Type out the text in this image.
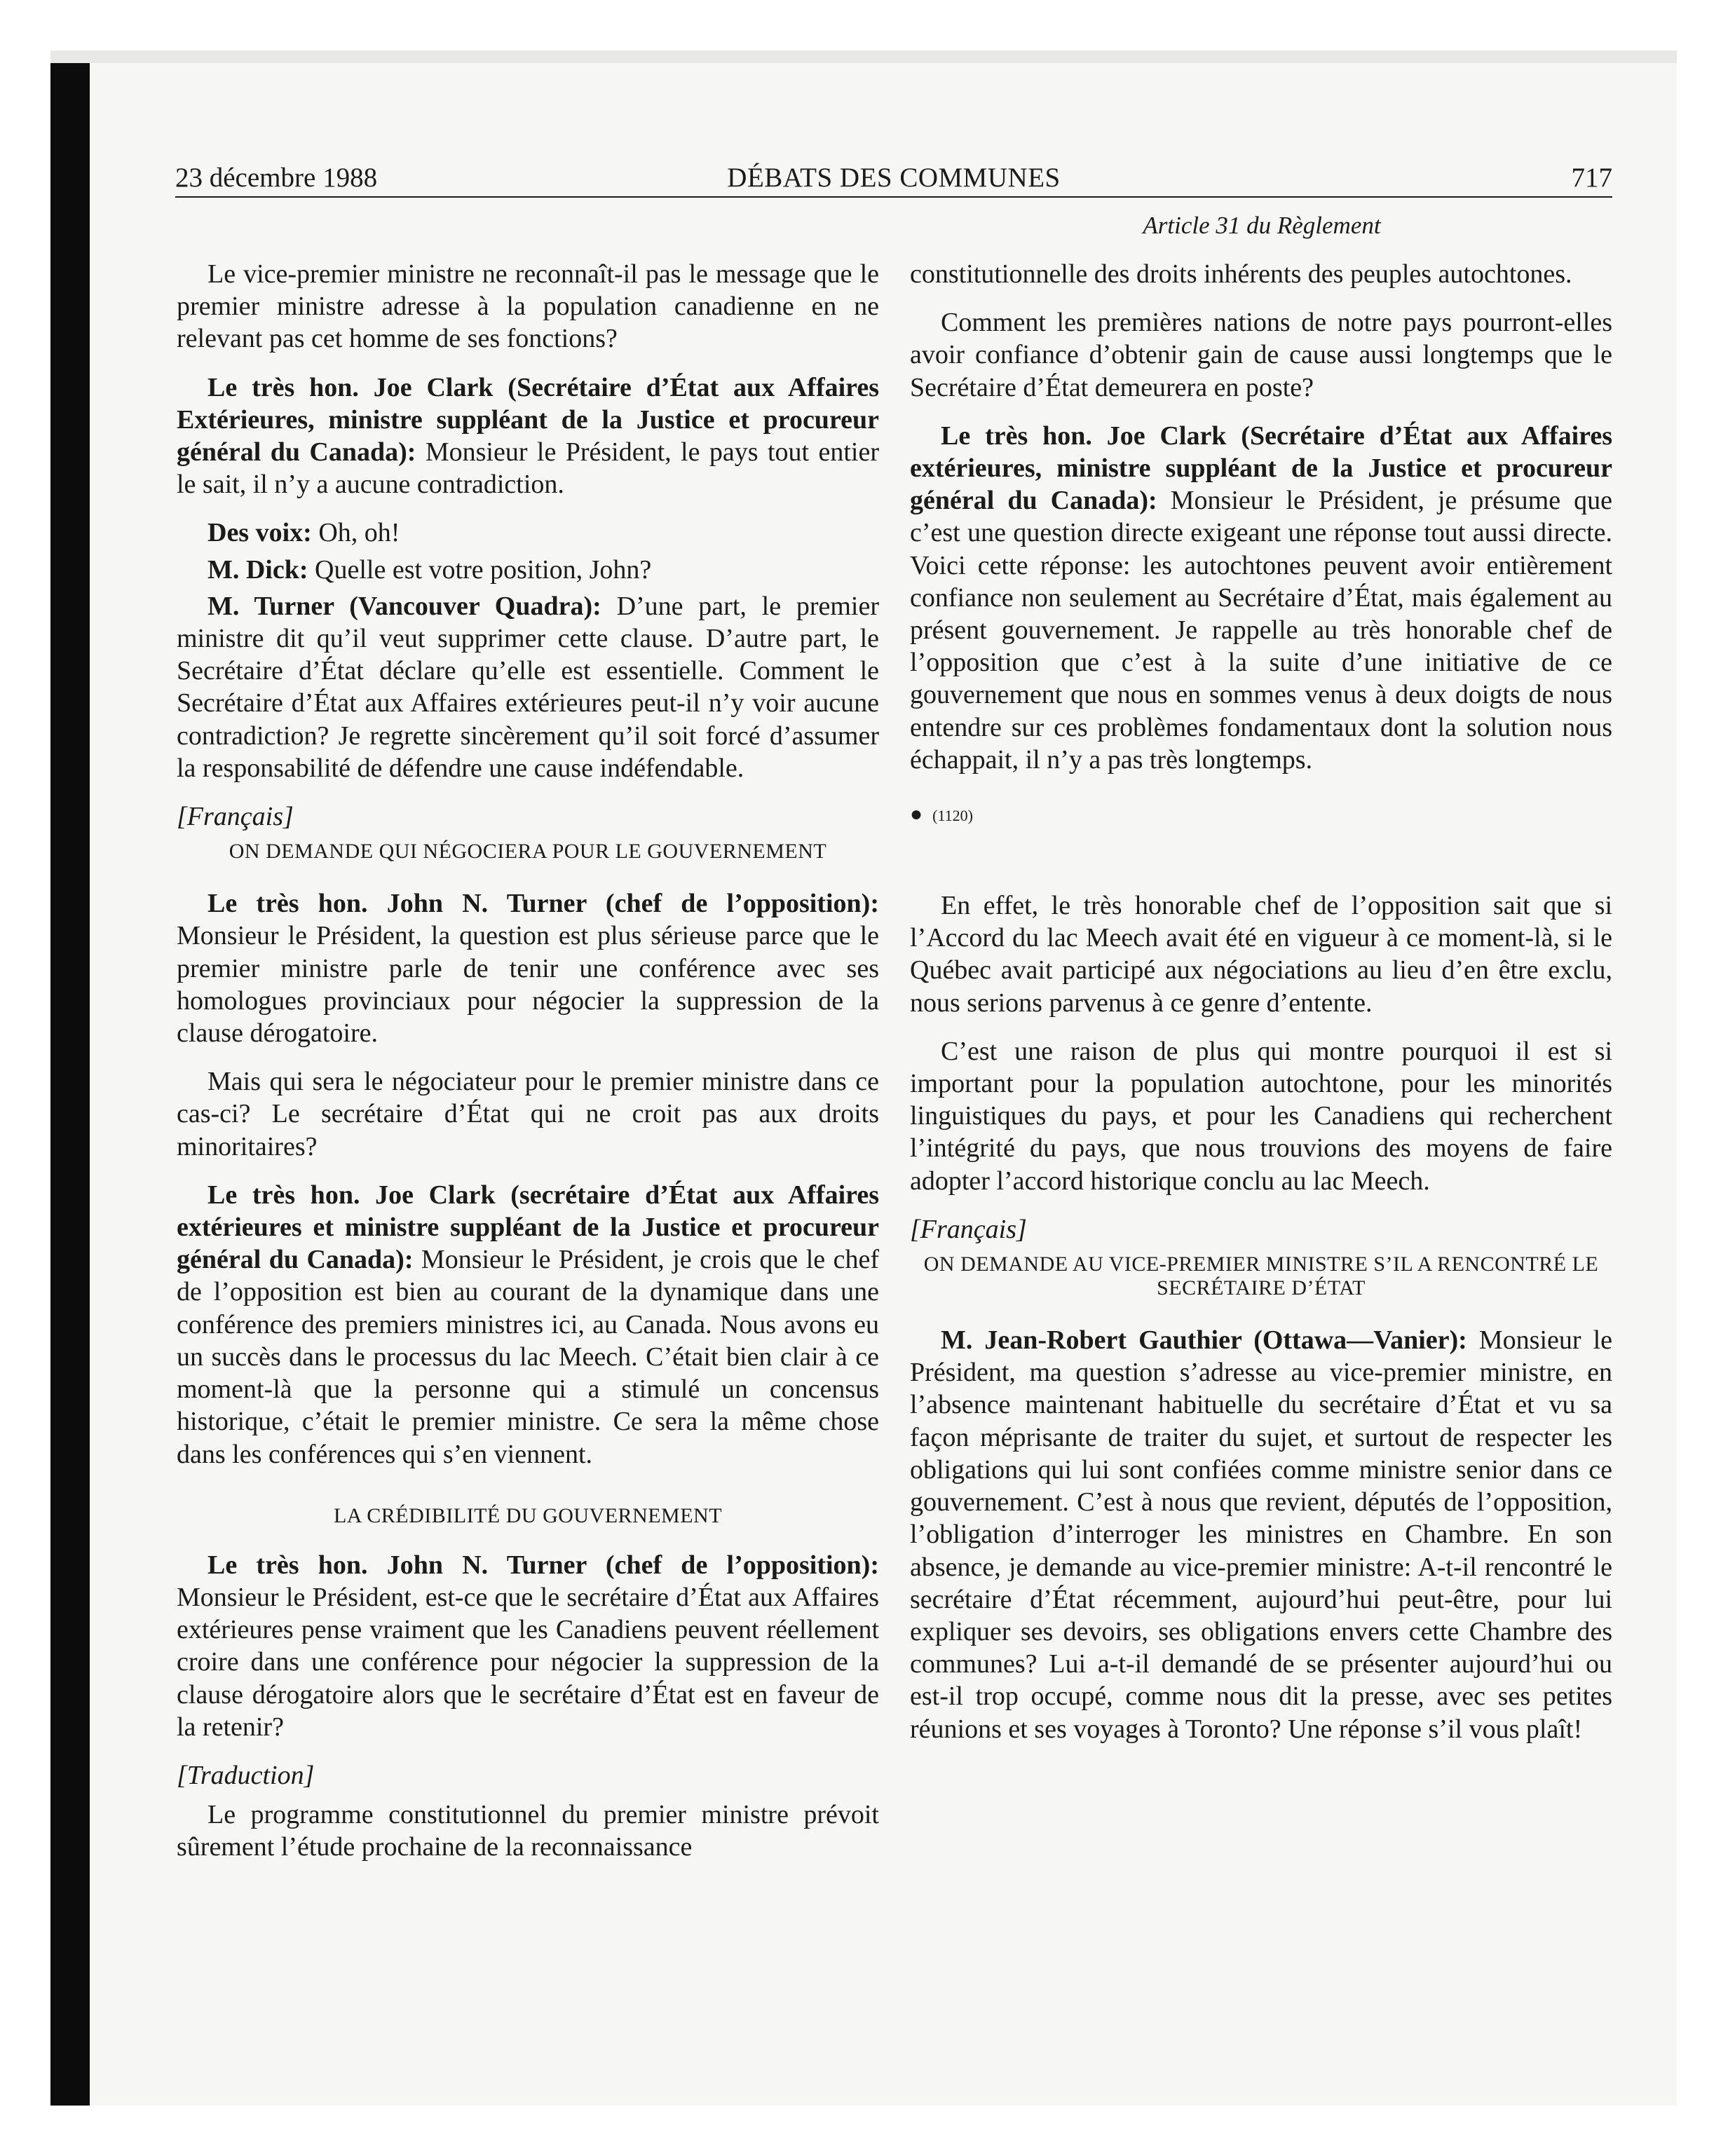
23 décembre 1988	DÉBATS DES COMMUNES	717
Article 31 du Règlement

Le vice-premier ministre ne reconnaît-il pas le message que le premier ministre adresse à la population canadienne en ne relevant pas cet homme de ses fonctions?

Le très hon. Joe Clark (Secrétaire d’État aux Affaires Extérieures, ministre suppléant de la Justice et procureur général du Canada): Monsieur le Président, le pays tout entier le sait, il n’y a aucune contradiction.

Des voix: Oh, oh!

M. Dick: Quelle est votre position, John?

M. Turner (Vancouver Quadra): D’une part, le premier ministre dit qu’il veut supprimer cette clause. D’autre part, le Secrétaire d’État déclare qu’elle est essentielle. Comment le Secrétaire d’État aux Affaires extérieures peut-il n’y voir aucune contradiction? Je regrette sincèrement qu’il soit forcé d’assumer la responsabilité de défendre une cause indéfendable.

[Français]

ON DEMANDE QUI NÉGOCIERA POUR LE GOUVERNEMENT

Le très hon. John N. Turner (chef de l’opposition): Monsieur le Président, la question est plus sérieuse parce que le premier ministre parle de tenir une conférence avec ses homologues provinciaux pour négocier la suppression de la clause dérogatoire.

Mais qui sera le négociateur pour le premier ministre dans ce cas-ci? Le secrétaire d’État qui ne croit pas aux droits minoritaires?

Le très hon. Joe Clark (secrétaire d’État aux Affaires extérieures et ministre suppléant de la Justice et procureur général du Canada): Monsieur le Président, je crois que le chef de l’opposition est bien au courant de la dynamique dans une conférence des premiers ministres ici, au Canada. Nous avons eu un succès dans le processus du lac Meech. C’était bien clair à ce moment-là que la personne qui a stimulé un concensus historique, c’était le premier ministre. Ce sera la même chose dans les conférences qui s’en viennent.

LA CRÉDIBILITÉ DU GOUVERNEMENT

Le très hon. John N. Turner (chef de l’opposition): Monsieur le Président, est-ce que le secrétaire d’État aux Affaires extérieures pense vraiment que les Canadiens peuvent réellement croire dans une conférence pour négocier la suppression de la clause dérogatoire alors que le secrétaire d’État est en faveur de la retenir?

[Traduction]

Le programme constitutionnel du premier ministre prévoit sûrement l’étude prochaine de la reconnaissance

constitutionnelle des droits inhérents des peuples autochtones.

Comment les premières nations de notre pays pourront-elles avoir confiance d’obtenir gain de cause aussi longtemps que le Secrétaire d’État demeurera en poste?

Le très hon. Joe Clark (Secrétaire d’État aux Affaires extérieures, ministre suppléant de la Justice et procureur général du Canada): Monsieur le Président, je présume que c’est une question directe exigeant une réponse tout aussi directe. Voici cette réponse: les autochtones peuvent avoir entièrement confiance non seulement au Secrétaire d’État, mais également au présent gouvernement. Je rappelle au très honorable chef de l’opposition que c’est à la suite d’une initiative de ce gouvernement que nous en sommes venus à deux doigts de nous entendre sur ces problèmes fondamentaux dont la solution nous échappait, il n’y a pas très longtemps.

● (1120)

En effet, le très honorable chef de l’opposition sait que si l’Accord du lac Meech avait été en vigueur à ce moment-là, si le Québec avait participé aux négociations au lieu d’en être exclu, nous serions parvenus à ce genre d’entente.

C’est une raison de plus qui montre pourquoi il est si important pour la population autochtone, pour les minorités linguistiques du pays, et pour les Canadiens qui recherchent l’intégrité du pays, que nous trouvions des moyens de faire adopter l’accord historique conclu au lac Meech.

[Français]

ON DEMANDE AU VICE-PREMIER MINISTRE S’IL A RENCONTRÉ LE SECRÉTAIRE D’ÉTAT

M. Jean-Robert Gauthier (Ottawa—Vanier): Monsieur le Président, ma question s’adresse au vice-premier ministre, en l’absence maintenant habituelle du secrétaire d’État et vu sa façon méprisante de traiter du sujet, et surtout de respecter les obligations qui lui sont confiées comme ministre senior dans ce gouvernement. C’est à nous que revient, députés de l’opposition, l’obligation d’interroger les ministres en Chambre. En son absence, je demande au vice-premier ministre: A-t-il rencontré le secrétaire d’État récemment, aujourd’hui peut-être, pour lui expliquer ses devoirs, ses obligations envers cette Chambre des communes? Lui a-t-il demandé de se présenter aujourd’hui ou est-il trop occupé, comme nous dit la presse, avec ses petites réunions et ses voyages à Toronto? Une réponse s’il vous plaît!
